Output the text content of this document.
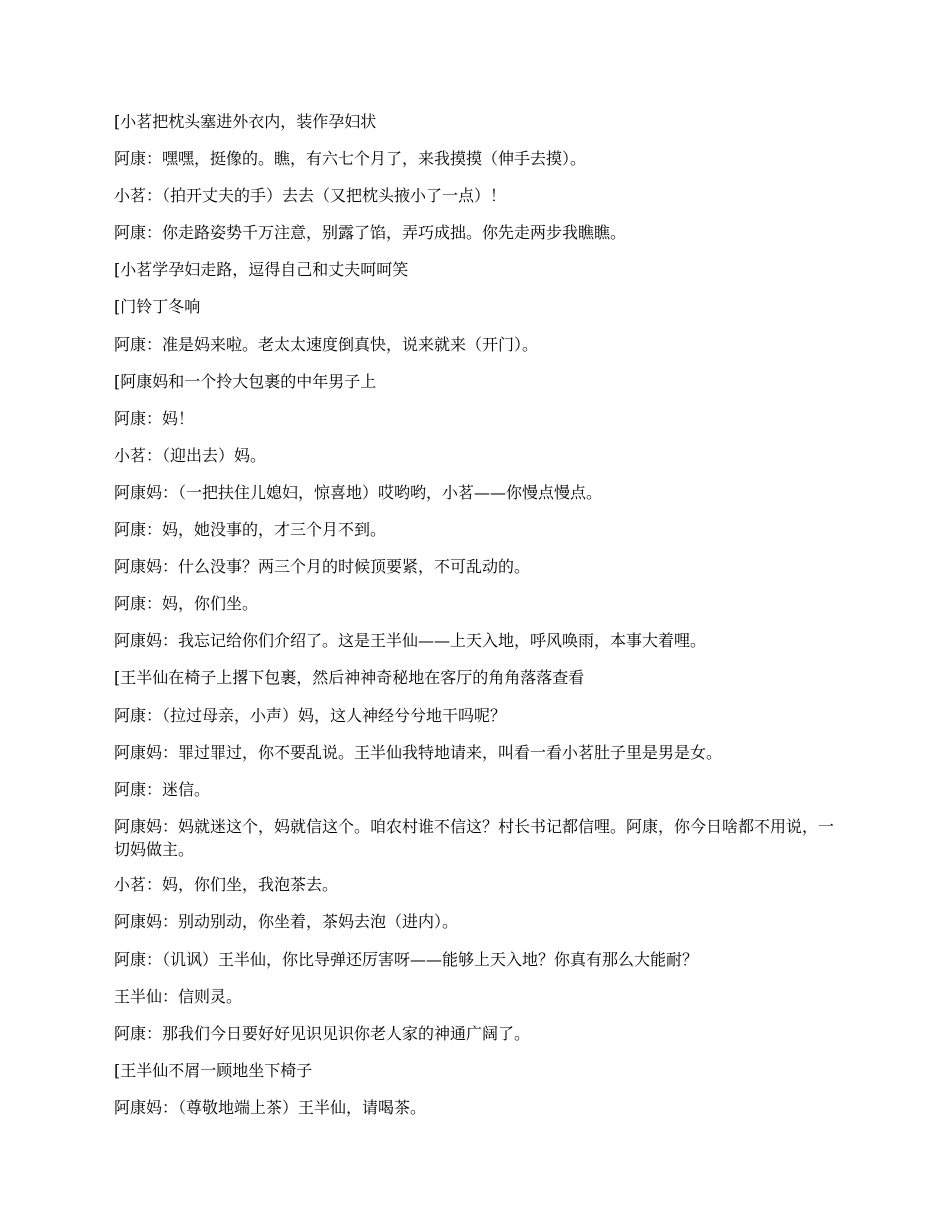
[小茗把枕头塞进外衣内，装作孕妇状
阿康：嘿嘿，挺像的。瞧，有六七个月了，来我摸摸（伸手去摸）。
小茗：（拍开丈夫的手）去去（又把枕头掖小了一点）！
阿康：你走路姿势千万注意，别露了馅，弄巧成拙。你先走两步我瞧瞧。
[小茗学孕妇走路，逗得自己和丈夫呵呵笑
[门铃丁冬响
阿康：准是妈来啦。老太太速度倒真快，说来就来（开门）。
[阿康妈和一个拎大包裹的中年男子上
阿康：妈！
小茗：（迎出去）妈。
阿康妈：（一把扶住儿媳妇，惊喜地）哎哟哟，小茗——你慢点慢点。
阿康：妈，她没事的，才三个月不到。
阿康妈：什么没事？两三个月的时候顶要紧，不可乱动的。
阿康：妈，你们坐。
阿康妈：我忘记给你们介绍了。这是王半仙——上天入地，呼风唤雨，本事大着哩。
[王半仙在椅子上撂下包裹，然后神神奇秘地在客厅的角角落落查看
阿康：（拉过母亲，小声）妈，这人神经兮兮地干吗呢？
阿康妈：罪过罪过，你不要乱说。王半仙我特地请来，叫看一看小茗肚子里是男是女。
阿康：迷信。
阿康妈：妈就迷这个，妈就信这个。咱农村谁不信这？村长书记都信哩。阿康，你今日啥都不用说，一切妈做主。
小茗：妈，你们坐，我泡茶去。
阿康妈：别动别动，你坐着，茶妈去泡（进内）。
阿康：（讥讽）王半仙，你比导弹还厉害呀——能够上天入地？你真有那么大能耐？
王半仙：信则灵。
阿康：那我们今日要好好见识见识你老人家的神通广阔了。
[王半仙不屑一顾地坐下椅子
阿康妈：（尊敬地端上茶）王半仙，请喝茶。
